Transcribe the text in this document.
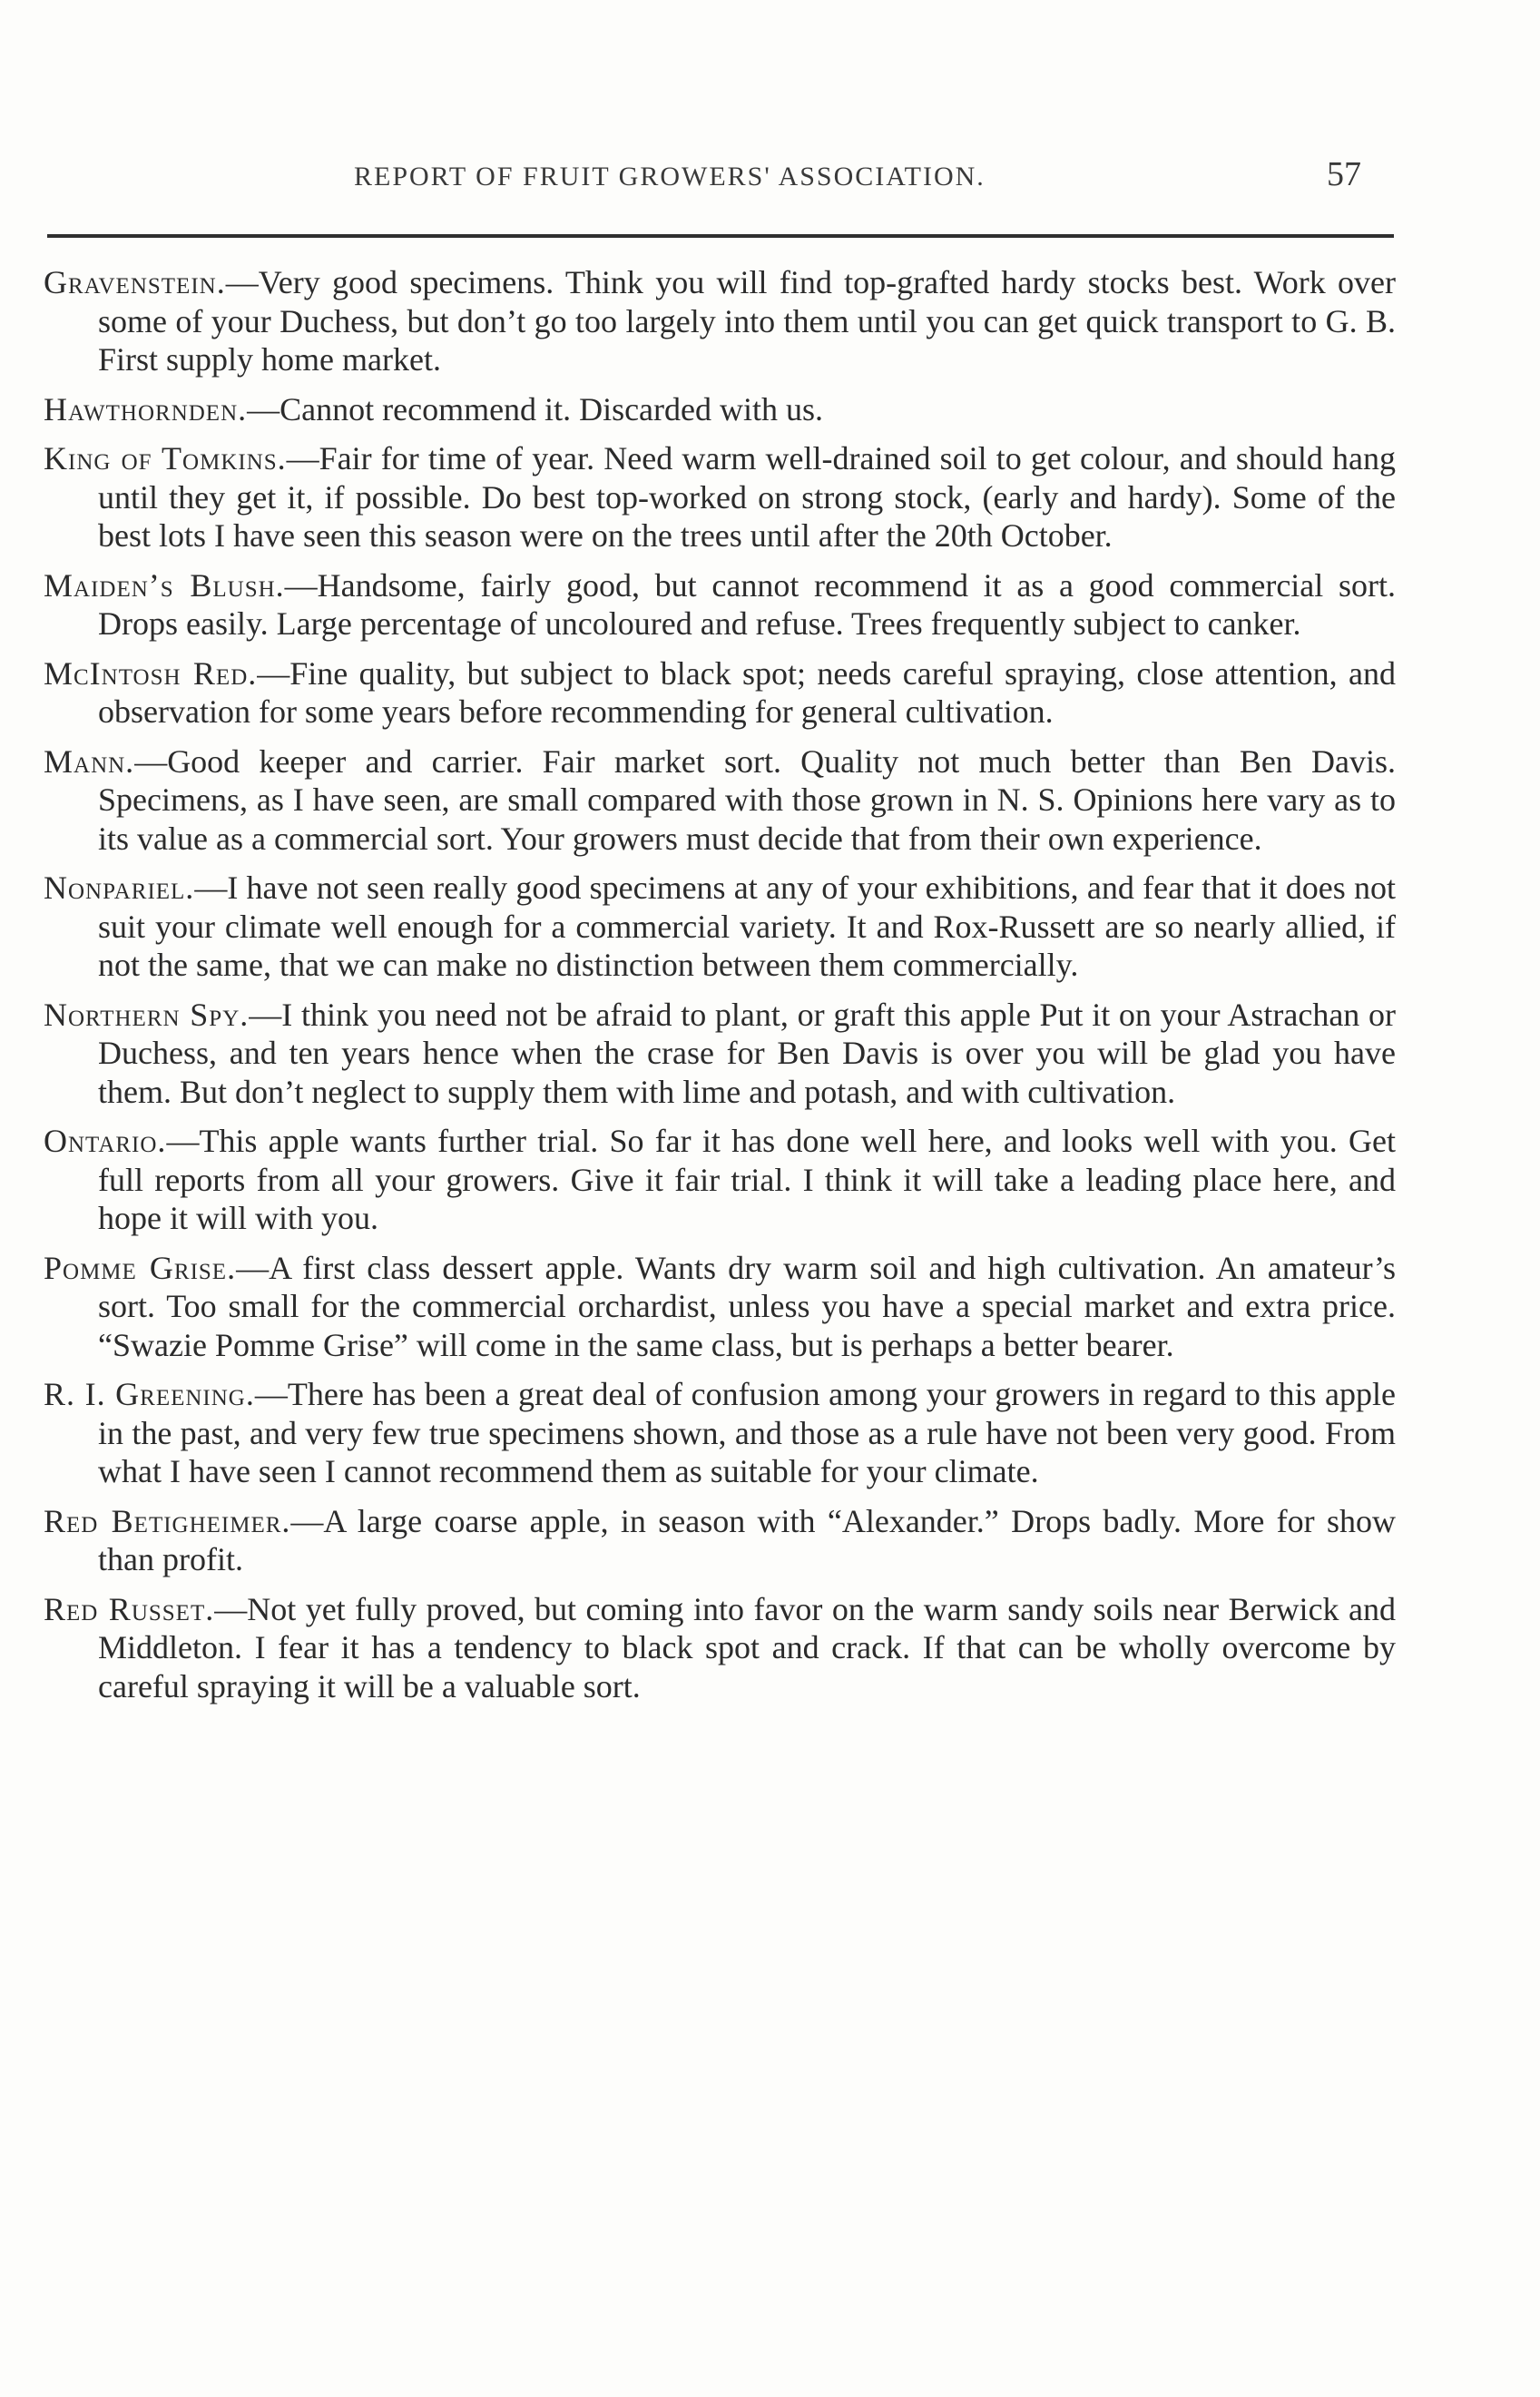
REPORT OF FRUIT GROWERS' ASSOCIATION.	57

Gravenstein.—Very good specimens. Think you will find top-grafted hardy stocks best. Work over some of your Duchess, but don’t go too largely into them until you can get quick transport to G. B. First supply home market.

Hawthornden.—Cannot recommend it. Discarded with us.

King of Tomkins.—Fair for time of year. Need warm well-drained soil to get colour, and should hang until they get it, if possible. Do best top-worked on strong stock, (early and hardy). Some of the best lots I have seen this season were on the trees until after the 20th October.

Maiden’s Blush.—Handsome, fairly good, but cannot recommend it as a good commercial sort. Drops easily. Large percentage of uncoloured and refuse. Trees frequently subject to canker.

McIntosh Red.—Fine quality, but subject to black spot; needs careful spraying, close attention, and observation for some years before recommending for general cultivation.

Mann.—Good keeper and carrier. Fair market sort. Quality not much better than Ben Davis. Specimens, as I have seen, are small compared with those grown in N. S. Opinions here vary as to its value as a commercial sort. Your growers must decide that from their own experience.

Nonpariel.—I have not seen really good specimens at any of your exhibitions, and fear that it does not suit your climate well enough for a commercial variety. It and Rox-Russett are so nearly allied, if not the same, that we can make no distinction between them commercially.

Northern Spy.—I think you need not be afraid to plant, or graft this apple Put it on your Astrachan or Duchess, and ten years hence when the crase for Ben Davis is over you will be glad you have them. But don’t neglect to supply them with lime and potash, and with cultivation.

Ontario.—This apple wants further trial. So far it has done well here, and looks well with you. Get full reports from all your growers. Give it fair trial. I think it will take a leading place here, and hope it will with you.

Pomme Grise.—A first class dessert apple. Wants dry warm soil and high cultivation. An amateur’s sort. Too small for the commercial orchardist, unless you have a special market and extra price. “Swazie Pomme Grise” will come in the same class, but is perhaps a better bearer.

R. I. Greening.—There has been a great deal of confusion among your growers in regard to this apple in the past, and very few true specimens shown, and those as a rule have not been very good. From what I have seen I cannot recommend them as suitable for your climate.

Red Betigheimer.—A large coarse apple, in season with “Alexander.” Drops badly. More for show than profit.

Red Russet.—Not yet fully proved, but coming into favor on the warm sandy soils near Berwick and Middleton. I fear it has a tendency to black spot and crack. If that can be wholly overcome by careful spraying it will be a valuable sort.
